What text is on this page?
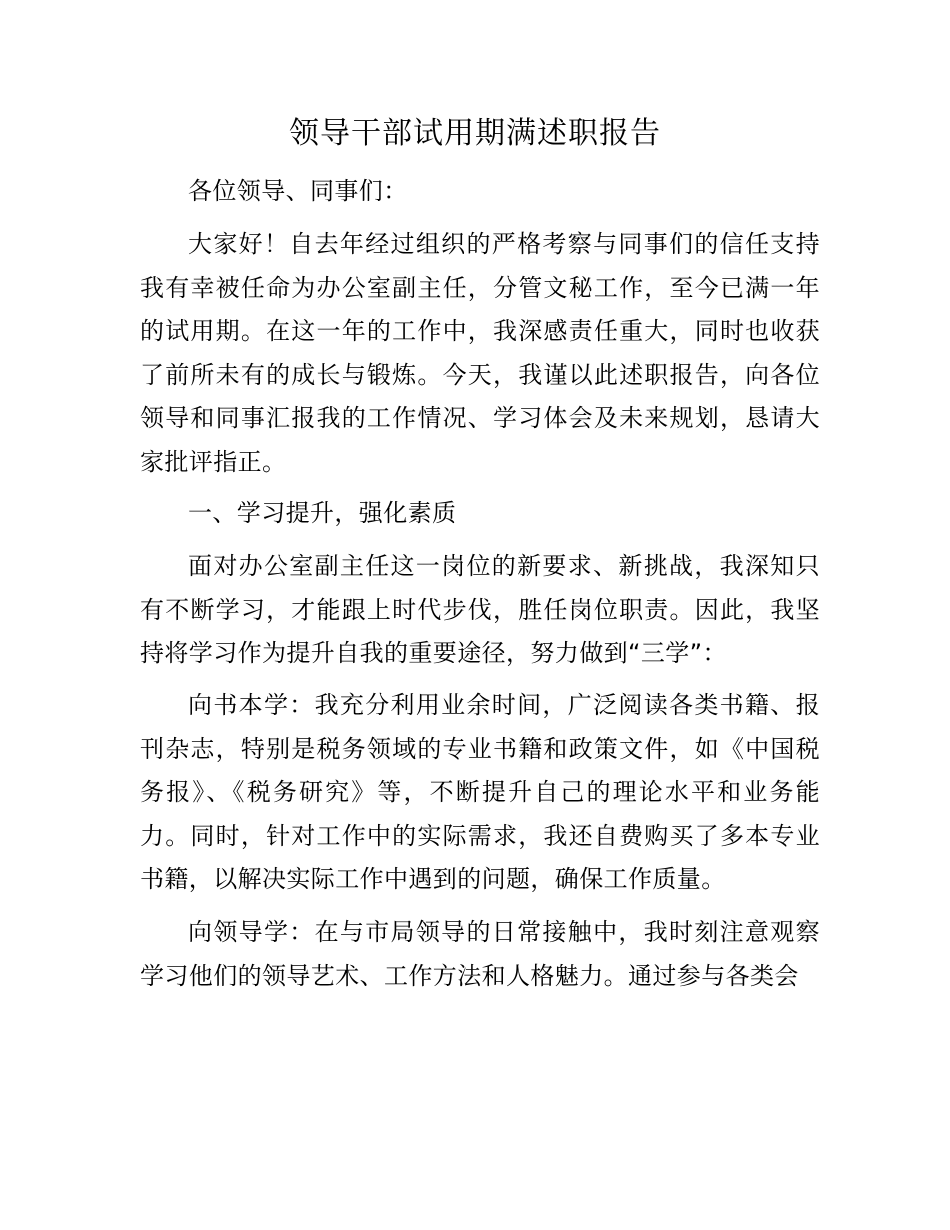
领导干部试用期满述职报告

各位领导、同事们：

大家好！自去年经过组织的严格考察与同事们的信任支持我有幸被任命为办公室副主任，分管文秘工作，至今已满一年的试用期。在这一年的工作中，我深感责任重大，同时也收获了前所未有的成长与锻炼。今天，我谨以此述职报告，向各位领导和同事汇报我的工作情况、学习体会及未来规划，恳请大家批评指正。

一、学习提升，强化素质

面对办公室副主任这一岗位的新要求、新挑战，我深知只有不断学习，才能跟上时代步伐，胜任岗位职责。因此，我坚持将学习作为提升自我的重要途径，努力做到“三学”：

向书本学：我充分利用业余时间，广泛阅读各类书籍、报刊杂志，特别是税务领域的专业书籍和政策文件，如《中国税务报》、《税务研究》等，不断提升自己的理论水平和业务能力。同时，针对工作中的实际需求，我还自费购买了多本专业书籍，以解决实际工作中遇到的问题，确保工作质量。

向领导学：在与市局领导的日常接触中，我时刻注意观察学习他们的领导艺术、工作方法和人格魅力。通过参与各类会
